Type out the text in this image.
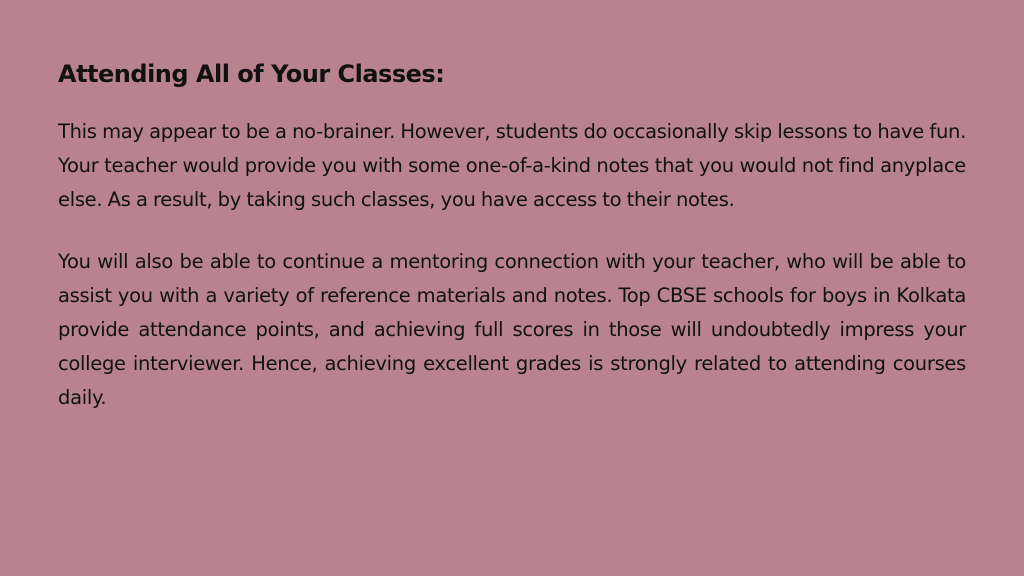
Attending All of Your Classes:

This may appear to be a no-brainer. However, students do occasionally skip lessons to have fun. Your teacher would provide you with some one-of-a-kind notes that you would not find anyplace else. As a result, by taking such classes, you have access to their notes.

You will also be able to continue a mentoring connection with your teacher, who will be able to assist you with a variety of reference materials and notes. Top CBSE schools for boys in Kolkata provide attendance points, and achieving full scores in those will undoubtedly impress your college interviewer. Hence, achieving excellent grades is strongly related to attending courses daily.
